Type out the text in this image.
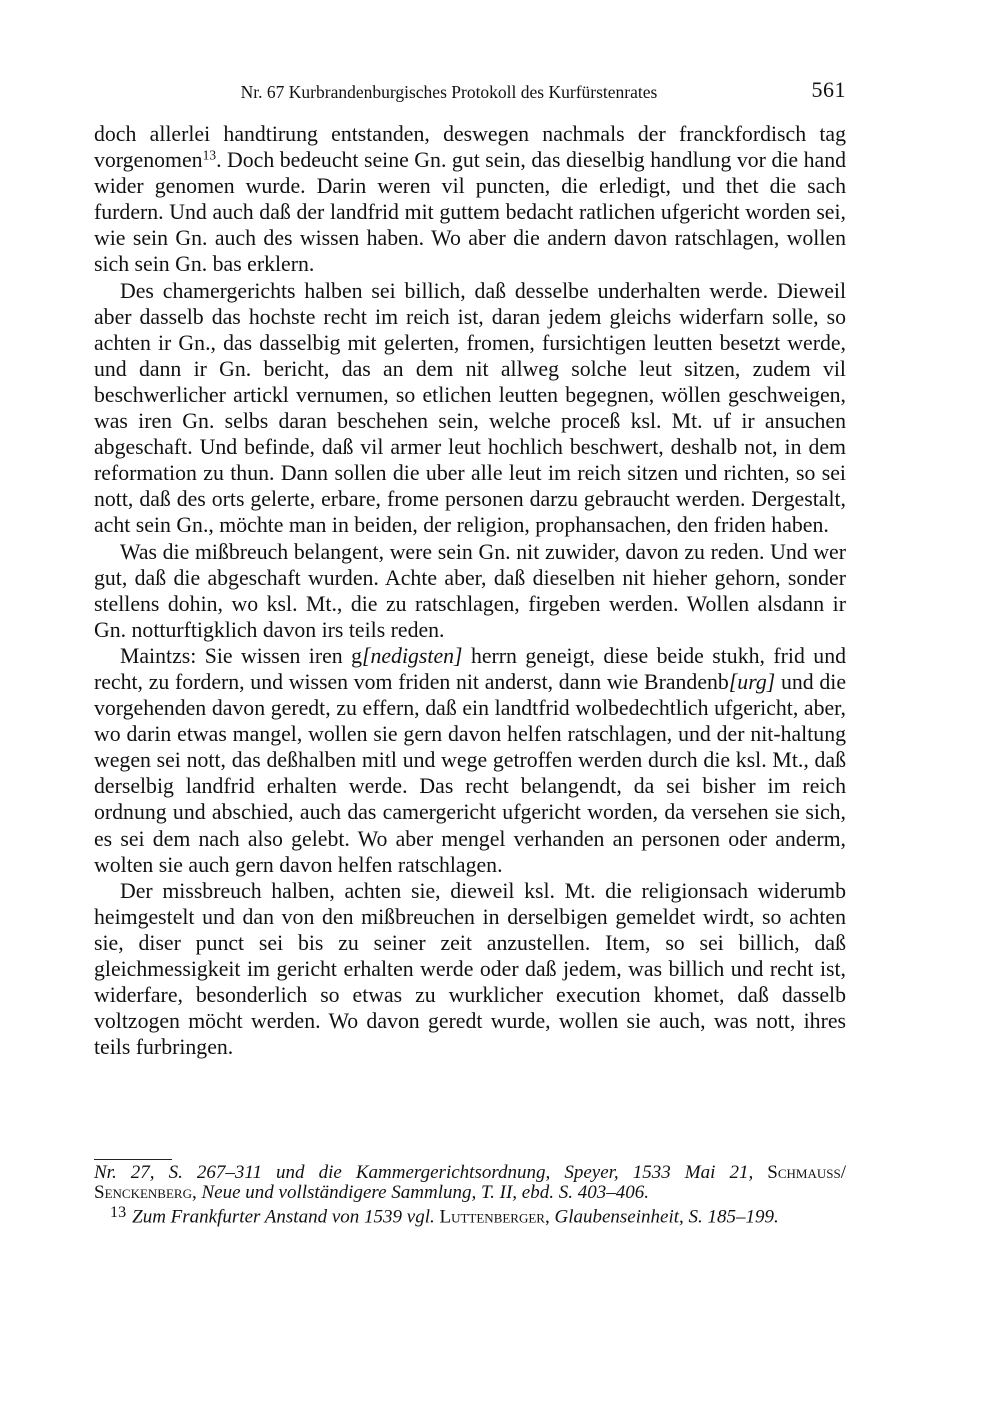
Nr. 67 Kurbrandenburgisches Protokoll des Kurfürstenrates	561

doch allerlei handtirung entstanden, deswegen nachmals der franckfordisch tag vorgenomen$^{13}$. Doch bedeucht seine Gn. gut sein, das dieselbig handlung vor die hand wider genomen wurde. Darin weren vil puncten, die erledigt, und thet die sach furdern. Und auch daß der landfrid mit guttem bedacht ratlichen ufgericht worden sei, wie sein Gn. auch des wissen haben. Wo aber die andern davon ratschlagen, wollen sich sein Gn. bas erklern.

Des chamergerichts halben sei billich, daß desselbe underhalten werde. Dieweil aber dasselb das hochste recht im reich ist, daran jedem gleichs widerfarn solle, so achten ir Gn., das dasselbig mit gelerten, fromen, fursichtigen leutten besetzt werde, und dann ir Gn. bericht, das an dem nit allweg solche leut sitzen, zudem vil beschwerlicher artickl vernumen, so etlichen leutten begegnen, wöllen geschweigen, was iren Gn. selbs daran beschehen sein, welche proceß ksl. Mt. uf ir ansuchen abgeschaft. Und befinde, daß vil armer leut hochlich beschwert, deshalb not, in dem reformation zu thun. Dann sollen die uber alle leut im reich sitzen und richten, so sei nott, daß des orts gelerte, erbare, frome personen darzu gebraucht werden. Dergestalt, acht sein Gn., möchte man in beiden, der religion, prophansachen, den friden haben.

Was die mißbreuch belangent, were sein Gn. nit zuwider, davon zu reden. Und wer gut, daß die abgeschaft wurden. Achte aber, daß dieselben nit hieher gehorn, sonder stellens dohin, wo ksl. Mt., die zu ratschlagen, firgeben werden. Wollen alsdann ir Gn. notturftigklich davon irs teils reden.

Maintzs: Sie wissen iren g[nedigsten] herrn geneigt, diese beide stukh, frid und recht, zu fordern, und wissen vom friden nit anderst, dann wie Brandenb[urg] und die vorgehenden davon geredt, zu effern, daß ein landtfrid wolbedechtlich ufgericht, aber, wo darin etwas mangel, wollen sie gern davon helfen ratschlagen, und der nit-haltung wegen sei nott, das deßhalben mitl und wege getroffen werden durch die ksl. Mt., daß derselbig landfrid erhalten werde. Das recht belangendt, da sei bisher im reich ordnung und abschied, auch das camergericht ufgericht worden, da versehen sie sich, es sei dem nach also gelebt. Wo aber mengel verhanden an personen oder anderm, wolten sie auch gern davon helfen ratschlagen.

Der missbreuch halben, achten sie, dieweil ksl. Mt. die religionsach widerumb heimgestelt und dan von den mißbreuchen in derselbigen gemeldet wirdt, so achten sie, diser punct sei bis zu seiner zeit anzustellen. Item, so sei billich, daß gleichmessigkeit im gericht erhalten werde oder daß jedem, was billich und recht ist, widerfare, besonderlich so etwas zu wurklicher execution khomet, daß dasselb voltzogen möcht werden. Wo davon geredt wurde, wollen sie auch, was nott, ihres teils furbringen.

Nr. 27, S. 267–311 und die Kammergerichtsordnung, Speyer, 1533 Mai 21, Schmauss/ Senckenberg, Neue und vollständigere Sammlung, T. II, ebd. S. 403–406.

$^{13}$ Zum Frankfurter Anstand von 1539 vgl. Luttenberger, Glaubenseinheit, S. 185–199.
